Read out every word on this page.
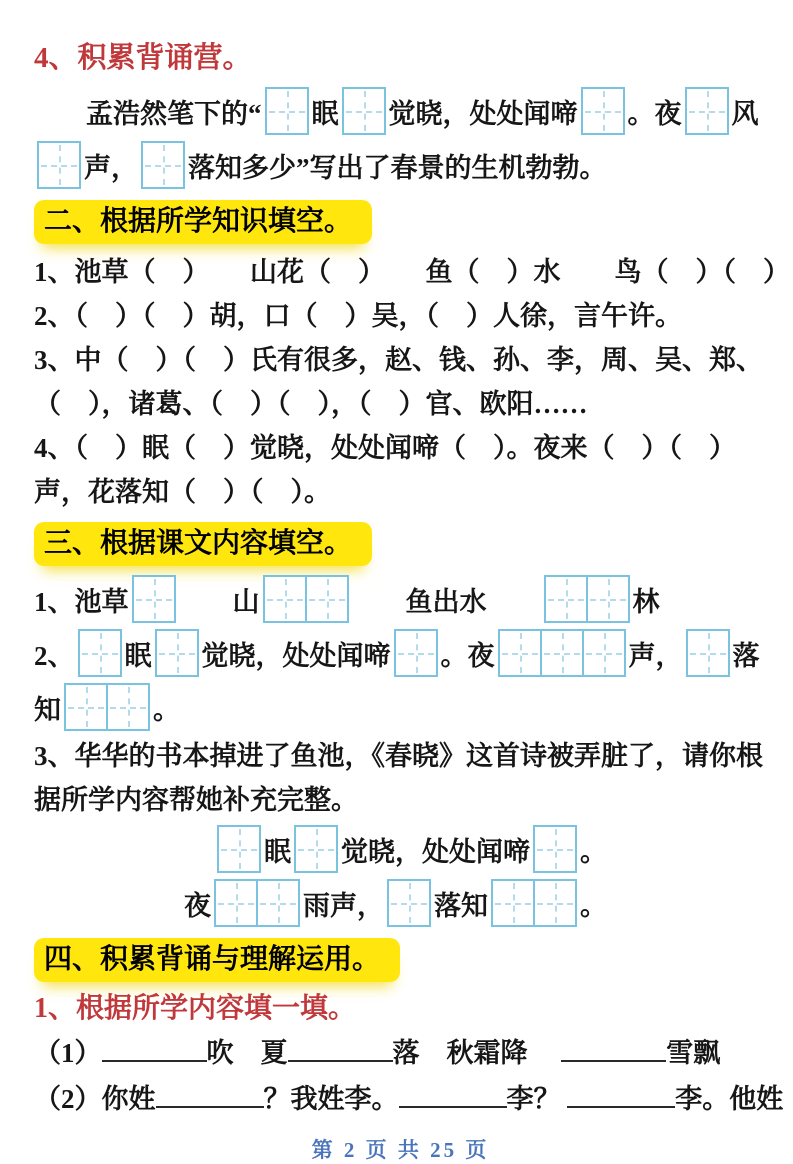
4、积累背诵营。
孟浩然笔下的“ 眠 觉晓，处处闻啼 。夜 风
声， 落知多少”写出了春景的生机勃勃。
二、根据所学知识填空。
1、池草（　）　　山花（　）　　鱼（　）水　　鸟（　）（　）
2、（　）（　）胡，口（　）吴，（　）人徐，言午许。
3、中（　）（　）氏有很多，赵、钱、孙、李，周、吴、郑、
（　），诸葛、（　）（　），（　）官、欧阳……
4、（　）眠（　）觉晓，处处闻啼（　）。夜来（　）（　）
声，花落知（　）（　）。
三、根据课文内容填空。
1、池草 　　山	　　鱼出水　　	林
2、 眠 觉晓，处处闻啼 。夜	声， 落
知	。
3、华华的书本掉进了鱼池，《春晓》这首诗被弄脏了，请你根
据所学内容帮她补充完整。
眠 觉晓，处处闻啼 。
夜	雨声， 落知	。
四、积累背诵与理解运用。
1、根据所学内容填一填。
（1）	吹　夏	落　秋霜降　	雪飘
（2）你姓	？我姓李。	李？	李。他姓
第 2 页 共 25 页
